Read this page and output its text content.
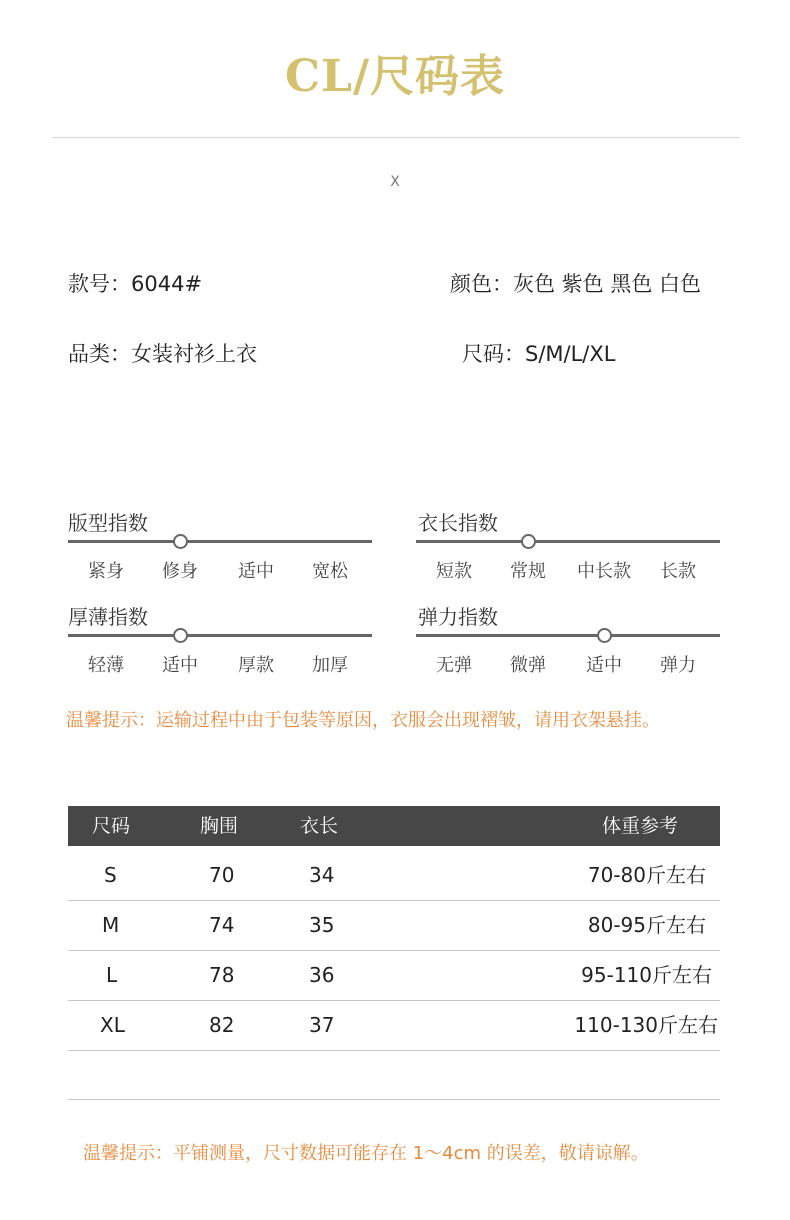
CL/尺码表
X
款号：6044#	颜色：灰色 紫色 黑色 白色
品类：女装衬衫上衣	尺码：S/M/L/XL
版型指数
紧身	修身	适中	宽松
衣长指数
短款	常规	中长款	长款
厚薄指数
轻薄	适中	厚款	加厚
弹力指数
无弹	微弹	适中	弹力
温馨提示：运输过程中由于包装等原因，衣服会出现褶皱，请用衣架悬挂。
尺码	胸围	衣长	体重参考
S	70	34	70-80斤左右
M	74	35	80-95斤左右
L	78	36	95-110斤左右
XL	82	37	110-130斤左右
温馨提示：平铺测量，尺寸数据可能存在 1～4cm 的误差，敬请谅解。
